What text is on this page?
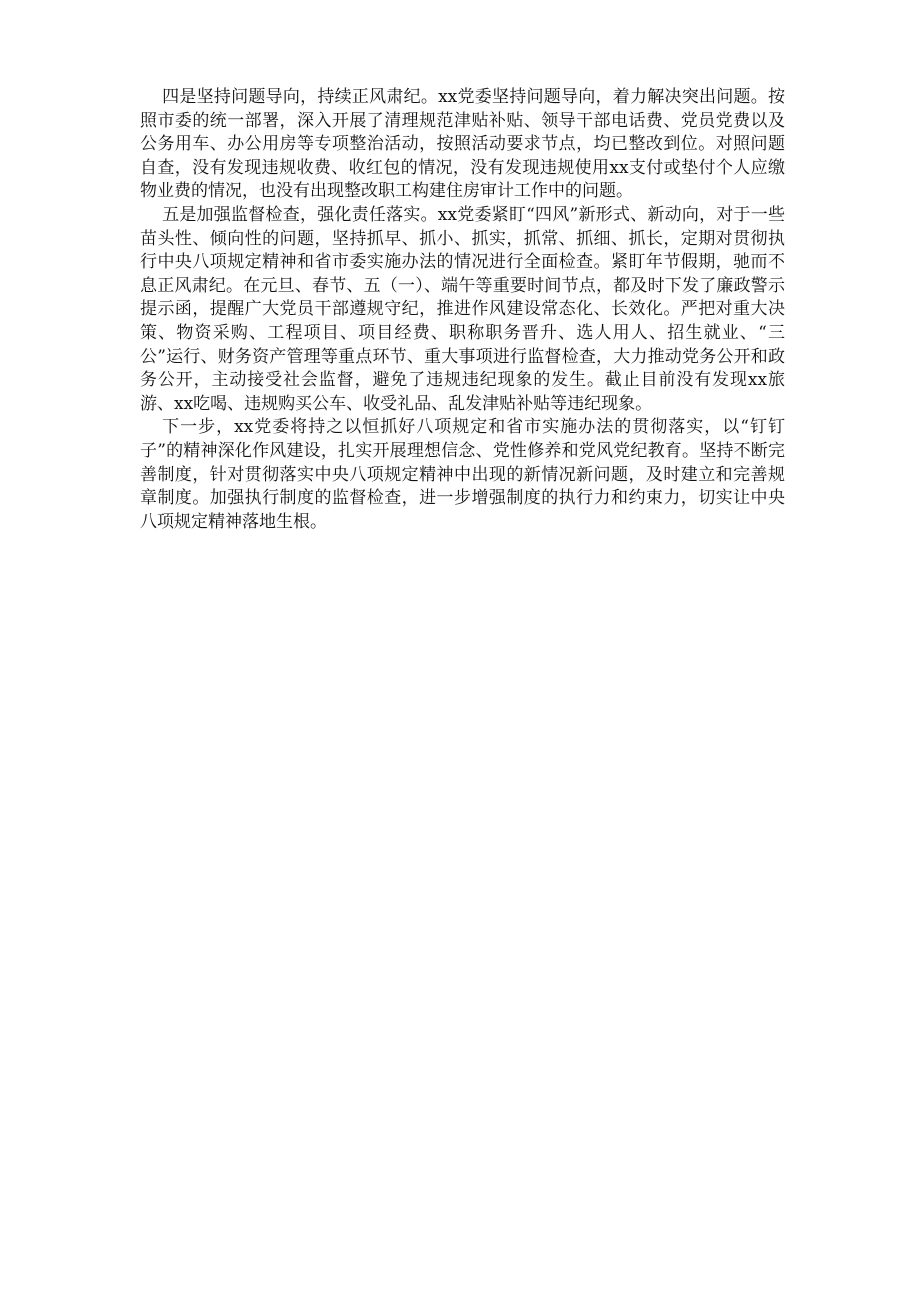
四是坚持问题导向，持续正风肃纪。xx党委坚持问题导向，着力解决突出问题。按照市委的统一部署，深入开展了清理规范津贴补贴、领导干部电话费、党员党费以及公务用车、办公用房等专项整治活动，按照活动要求节点，均已整改到位。对照问题自查，没有发现违规收费、收红包的情况，没有发现违规使用xx支付或垫付个人应缴物业费的情况，也没有出现整改职工构建住房审计工作中的问题。

五是加强监督检查，强化责任落实。xx党委紧盯“四风”新形式、新动向，对于一些苗头性、倾向性的问题，坚持抓早、抓小、抓实，抓常、抓细、抓长，定期对贯彻执行中央八项规定精神和省市委实施办法的情况进行全面检查。紧盯年节假期，驰而不息正风肃纪。在元旦、春节、五（一）、端午等重要时间节点，都及时下发了廉政警示提示函，提醒广大党员干部遵规守纪，推进作风建设常态化、长效化。严把对重大决策、物资采购、工程项目、项目经费、职称职务晋升、选人用人、招生就业、“三公”运行、财务资产管理等重点环节、重大事项进行监督检查，大力推动党务公开和政务公开，主动接受社会监督，避免了违规违纪现象的发生。截止目前没有发现xx旅游、xx吃喝、违规购买公车、收受礼品、乱发津贴补贴等违纪现象。

下一步，xx党委将持之以恒抓好八项规定和省市实施办法的贯彻落实，以“钉钉子”的精神深化作风建设，扎实开展理想信念、党性修养和党风党纪教育。坚持不断完善制度，针对贯彻落实中央八项规定精神中出现的新情况新问题，及时建立和完善规章制度。加强执行制度的监督检查，进一步增强制度的执行力和约束力，切实让中央八项规定精神落地生根。
